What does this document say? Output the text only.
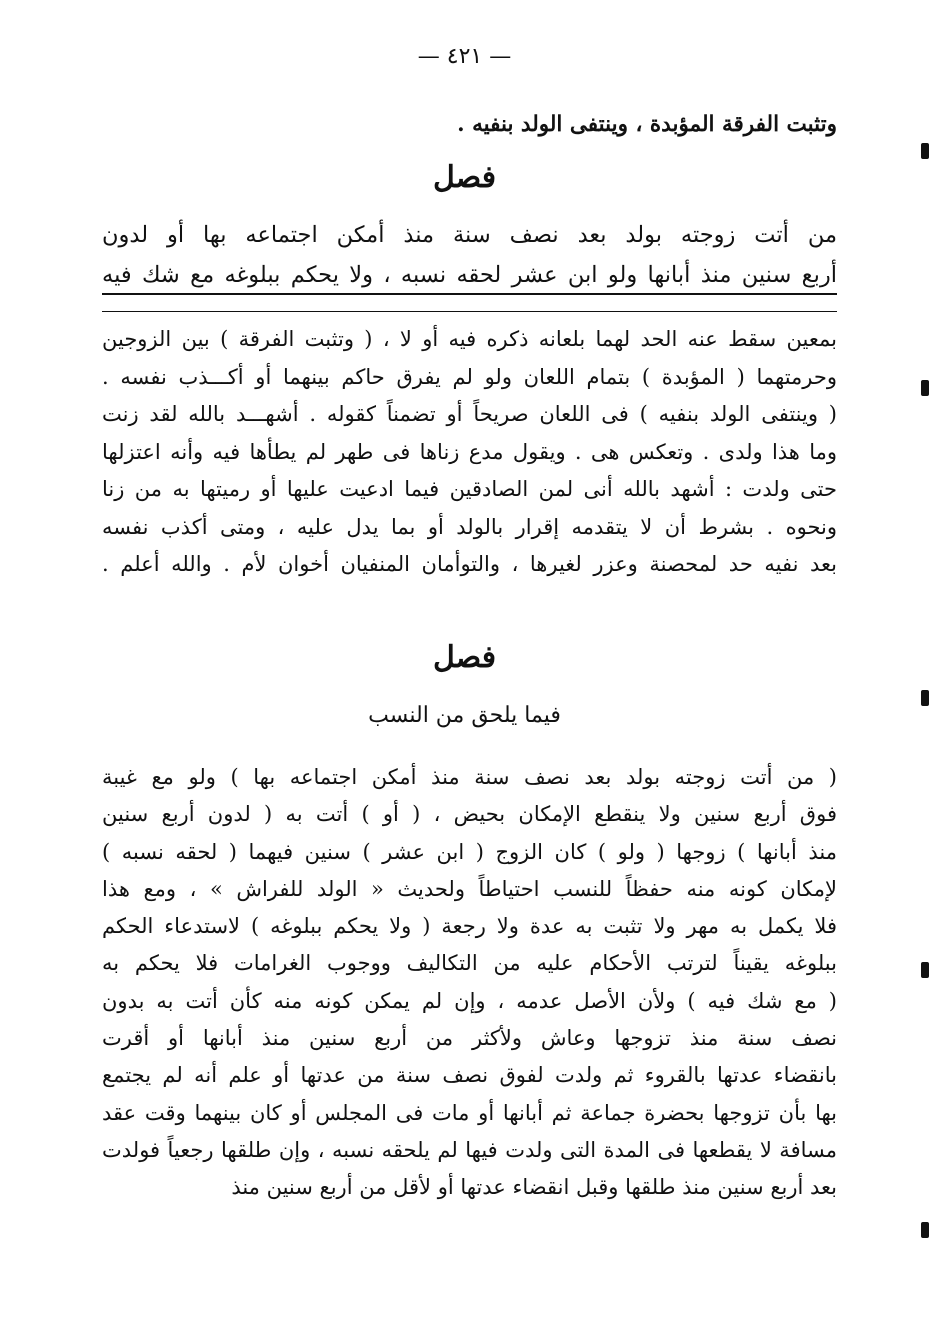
— ٤٢١ —
وتثبت الفرقة المؤبدة ، وينتفى الولد بنفيه .
فصل
من أتت زوجته بولد بعد نصف سنة منذ أمكن اجتماعه بها أو لدون
أربع سنين منذ أبانها ولو ابن عشر لحقه نسبه ، ولا يحكم ببلوغه مع شك فيه
بمعين سقط عنه الحد لهما بلعانه ذكره فيه أو لا ، ( وتثبت الفرقة ) بين الزوجين
وحرمتهما ( المؤبدة ) بتمام اللعان ولو لم يفرق حاكم بينهما أو أكـــذب نفسه .
( وينتفى الولد بنفيه ) فى اللعان صريحاً أو تضمناً كقوله . أشهـــد بالله لقد زنت
وما هذا ولدى . وتعكس هى . ويقول مدع زناها فى طهر لم يطأها فيه وأنه اعتزلها
حتى ولدت : أشهد بالله أنى لمن الصادقين فيما ادعيت عليها أو رميتها به من زنا
ونحوه . بشرط أن لا يتقدمه إقرار بالولد أو بما يدل عليه ، ومتى أكذب نفسه
بعد نفيه حد لمحصنة وعزر لغيرها ، والتوأمان المنفيان أخوان لأم . والله أعلم .
فصل
فيما يلحق من النسب
( من أتت زوجته بولد بعد نصف سنة منذ أمكن اجتماعه بها ) ولو مع غيبة
فوق أربع سنين ولا ينقطع الإمكان بحيض ، ( أو ) أتت به ( لدون أربع سنين
منذ أبانها ) زوجها ( ولو ) كان الزوج ( ابن عشر ) سنين فيهما ( لحقه نسبه )
لإمكان كونه منه حفظاً للنسب احتياطاً ولحديث « الولد للفراش » ، ومع هذا
فلا يكمل به مهر ولا تثبت به عدة ولا رجعة ( ولا يحكم ببلوغه ) لاستدعاء الحكم
ببلوغه يقيناً لترتب الأحكام عليه من التكاليف ووجوب الغرامات فلا يحكم به
( مع شك فيه ) ولأن الأصل عدمه ، وإن لم يمكن كونه منه كأن أتت به بدون
نصف سنة منذ تزوجها وعاش ولأكثر من أربع سنين منذ أبانها أو أقرت
بانقضاء عدتها بالقروء ثم ولدت لفوق نصف سنة من عدتها أو علم أنه لم يجتمع
بها بأن تزوجها بحضرة جماعة ثم أبانها أو مات فى المجلس أو كان بينهما وقت عقد
مسافة لا يقطعها فى المدة التى ولدت فيها لم يلحقه نسبه ، وإن طلقها رجعياً فولدت
بعد أربع سنين منذ طلقها وقبل انقضاء عدتها أو لأقل من أربع سنين منذ
